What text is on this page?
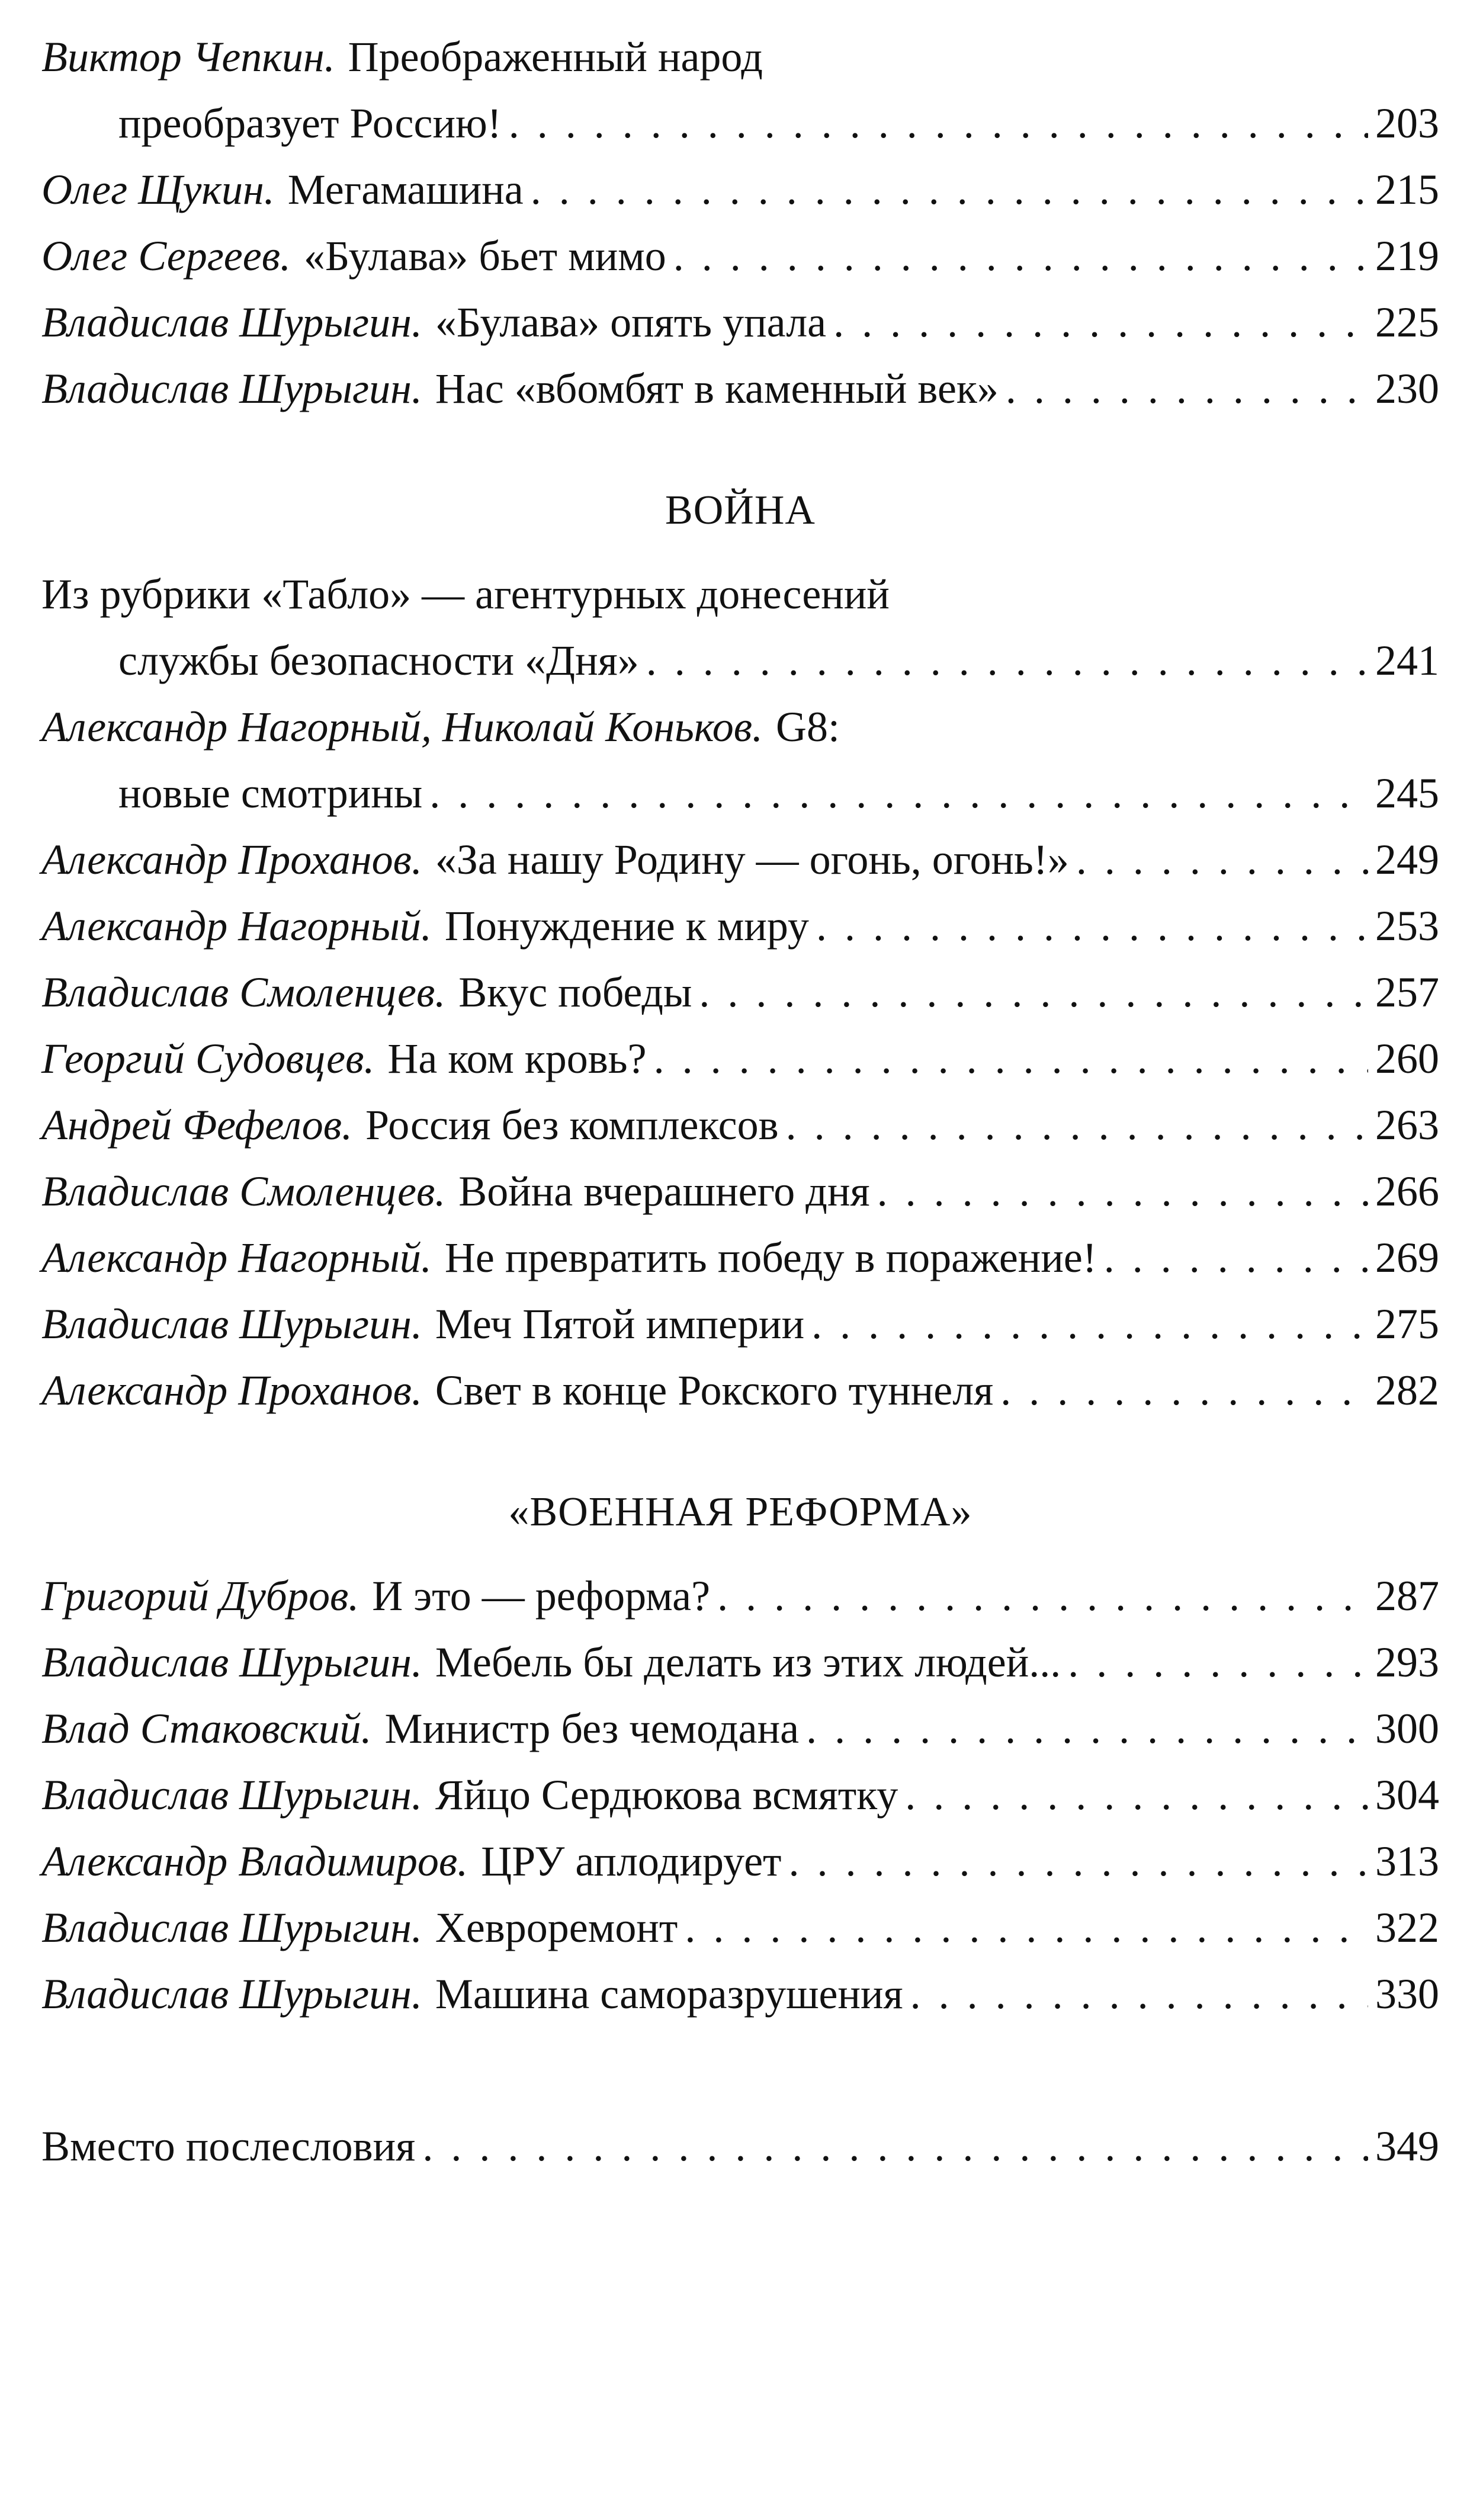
Виктор Чепкин. Преображенный народ
преобразует Россию! . . .	203
Олег Щукин. Мегамашина . . .	215
Олег Сергеев. «Булава» бьет мимо . . .	219
Владислав Шурыгин. «Булава» опять упала . . .	225
Владислав Шурыгин. Нас «вбомбят в каменный век» . . .	230
ВОЙНА
Из рубрики «Табло» — агентурных донесений
службы безопасности «Дня» . . .	241
Александр Нагорный, Николай Коньков. G8:
новые смотрины . . .	245
Александр Проханов. «За нашу Родину — огонь, огонь!» . . .	249
Александр Нагорный. Понуждение к миру . . .	253
Владислав Смоленцев. Вкус победы . . .	257
Георгий Судовцев. На ком кровь? . . .	260
Андрей Фефелов. Россия без комплексов . . .	263
Владислав Смоленцев. Война вчерашнего дня . . .	266
Александр Нагорный. Не превратить победу в поражение! . . .	269
Владислав Шурыгин. Меч Пятой империи . . .	275
Александр Проханов. Свет в конце Рокского туннеля . . .	282
«ВОЕННАЯ РЕФОРМА»
Григорий Дубров. И это — реформа? . . .	287
Владислав Шурыгин. Мебель бы делать из этих людей... . . .	293
Влад Стаковский. Министр без чемодана . . .	300
Владислав Шурыгин. Яйцо Сердюкова всмятку . . .	304
Александр Владимиров. ЦРУ аплодирует . . .	313
Владислав Шурыгин. Хевроремонт . . .	322
Владислав Шурыгин. Машина саморазрушения . . .	330
Вместо послесловия . . .	349
